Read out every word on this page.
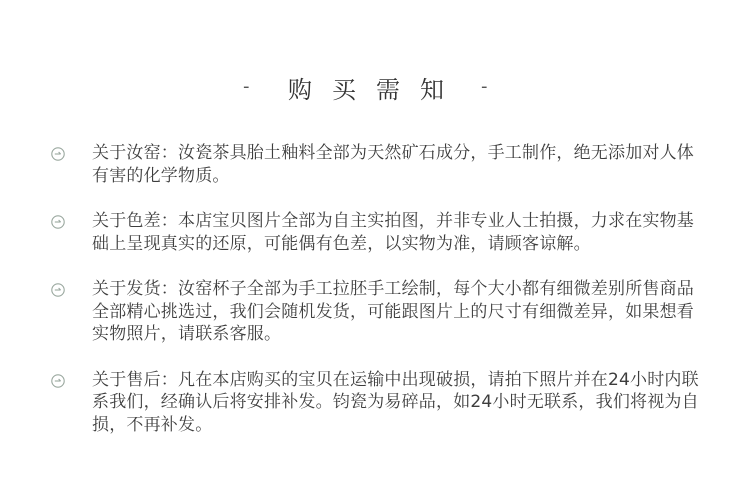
- 购买需知 -
关于汝窑：汝瓷茶具胎土釉料全部为天然矿石成分，手工制作，绝无添加对人体有害的化学物质。
关于色差：本店宝贝图片全部为自主实拍图，并非专业人士拍摄，力求在实物基础上呈现真实的还原，可能偶有色差，以实物为准，请顾客谅解。
关于发货：汝窑杯子全部为手工拉胚手工绘制，每个大小都有细微差别所售商品全部精心挑选过，我们会随机发货，可能跟图片上的尺寸有细微差异，如果想看实物照片，请联系客服。
关于售后：凡在本店购买的宝贝在运输中出现破损，请拍下照片并在24小时内联系我们，经确认后将安排补发。钧瓷为易碎品，如24小时无联系，我们将视为自损，不再补发。
